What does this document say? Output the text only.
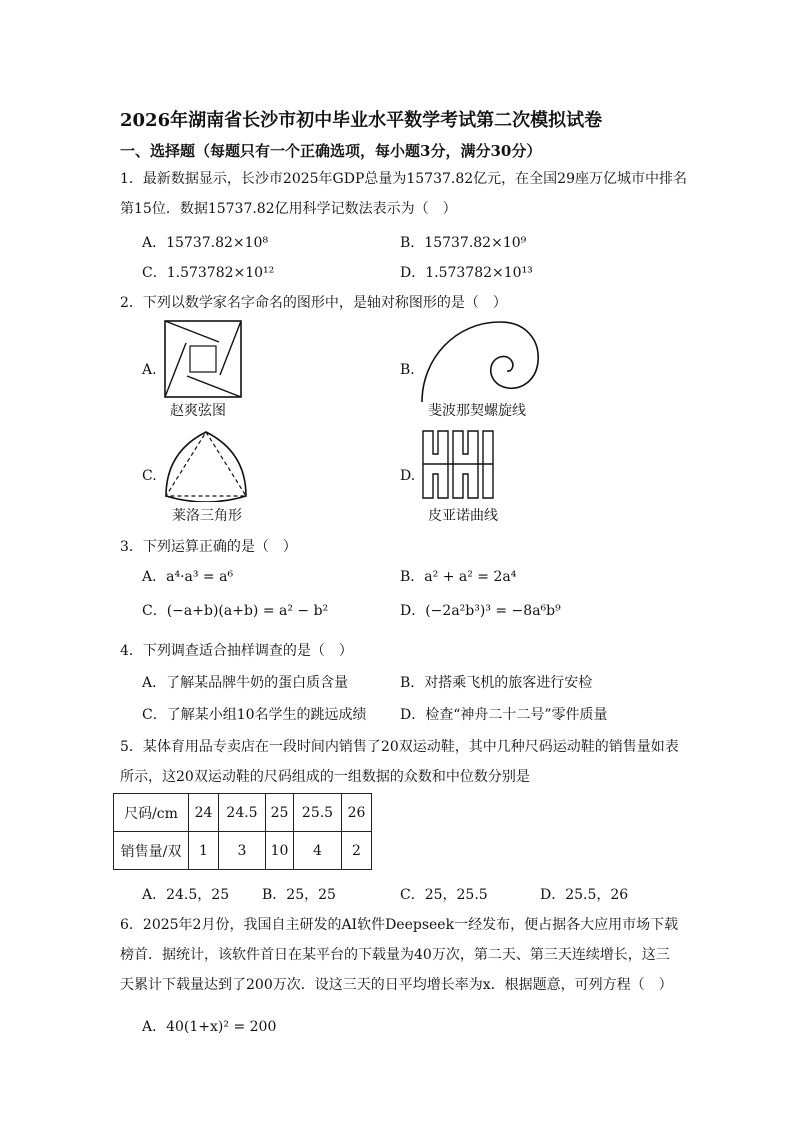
2026年湖南省长沙市初中毕业水平数学考试第二次模拟试卷
一、选择题（每题只有一个正确选项，每小题3分，满分30分）
1．最新数据显示，长沙市2025年GDP总量为15737.82亿元，在全国29座万亿城市中排名
第15位．数据15737.82亿用科学记数法表示为（　）
A．15737.82×10⁸	B．15737.82×10⁹
C．1.573782×10¹²	D．1.573782×10¹³
2．下列以数学家名字命名的图形中，是轴对称图形的是（　）
A.
赵爽弦图
B.
斐波那契螺旋线
C.
莱洛三角形
D.
皮亚诺曲线
3．下列运算正确的是（　）
A．a⁴·a³ = a⁶	B．a² + a² = 2a⁴
C．(−a+b)(a+b) = a² − b²	D．(−2a²b³)³ = −8a⁶b⁹
4．下列调查适合抽样调查的是（　）
A．了解某品牌牛奶的蛋白质含量	B．对搭乘飞机的旅客进行安检
C．了解某小组10名学生的跳远成绩 D．检查“神舟二十二号”零件质量
5．某体育用品专卖店在一段时间内销售了20双运动鞋，其中几种尺码运动鞋的销售量如表
所示，这20双运动鞋的尺码组成的一组数据的众数和中位数分别是
尺码/cm	24	24.5	25	25.5	26
销售量/双	1	3	10	4	2
A．24.5，25 B．25，25	C．25，25.5	D．25.5，26
6．2025年2月份，我国自主研发的AI软件Deepseek一经发布，便占据各大应用市场下载
榜首．据统计，该软件首日在某平台的下载量为40万次，第二天、第三天连续增长，这三
天累计下载量达到了200万次．设这三天的日平均增长率为x．根据题意，可列方程（　）
A．40(1+x)² = 200
